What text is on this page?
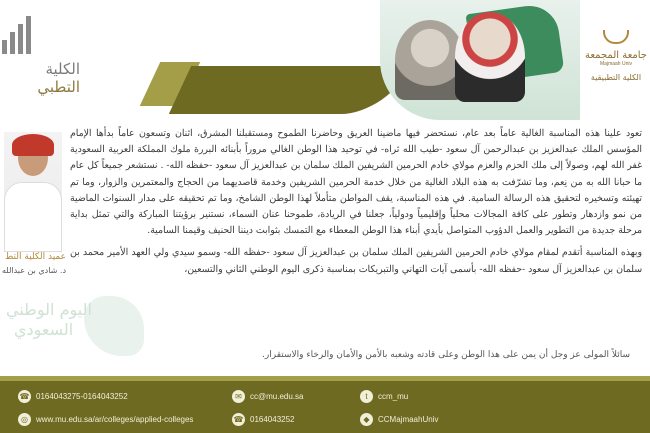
الكلية
التطبي
جامعة المجمعة
Majmaah Univ
الكلية التطبيقية
عميد الكلية التط
د. شادي بن عبدالله
اليوم الوطني
السعودي

تعود علينا هذه المناسبة الغالية عاماً بعد عام، نستحضر فيها ماضينا العريق وحاضرنا الطموح ومستقبلنا المشرق، اثنان وتسعون عاماً بدأها الإمام المؤسس الملك عبدالعزيز بن عبدالرحمن آل سعود -طيب الله ثراه- في توحيد هذا الوطن الغالي مروراً بأبنائه البررة ملوك المملكة العربية السعودية غفر الله لهم، وصولاً إلى ملك الحزم والعزم مولاي خادم الحرمين الشريفين الملك سلمان بن عبدالعزيز آل سعود -حفظه الله- . نستشعر جميعاً كل عام ما حبانا الله به من نِعم، وما تشرّفت به هذه البلاد الغالية من خلال خدمة الحرمين الشريفين وخدمة قاصديهما من الحجاج والمعتمرين والزوار، وما تم تهيئته وتسخيره لتحقيق هذه الرسالة السامية. في هذه المناسبة، يقف المواطن متأملاً لهذا الوطن الشامخ، وما تم تحقيقه على مدار السنوات الماضية من نمو وازدهار وتطور على كافة المجالات محلياً وإقليمياً ودولياً، جعلنا في الريادة، طموحنا عنان السماء، نستنير برؤيتنا المباركة والتي تمثل بداية مرحلة جديدة من التطوير والعمل الدؤوب المتواصل بأيدي أبناء هذا الوطن المعطاء مع التمسك بثوابت ديننا الحنيف وقيمنا السامية.

وبهذه المناسبة أتقدم لمقام مولاي خادم الحرمين الشريفين الملك سلمان بن عبدالعزيز آل سعود -حفظه الله- وسمو سيدي ولي العهد الأمير محمد بن سلمان بن عبدالعزيز آل سعود -حفظه الله- بأسمى آيات التهاني والتبريكات بمناسبة ذكرى اليوم الوطني الثاني والتسعين،

سائلاً المولى عز وجل أن يمن على هذا الوطن وعلى قادته وشعبه بالأمن والأمان والرخاء والاستقرار.
☎ 0164043275-0164043252	✉	cc@mu.edu.sa	t	ccm_mu
◎	www.mu.edu.sa/ar/colleges/applied-colleges	☎ 0164043252	◆	CCMajmaahUniv
